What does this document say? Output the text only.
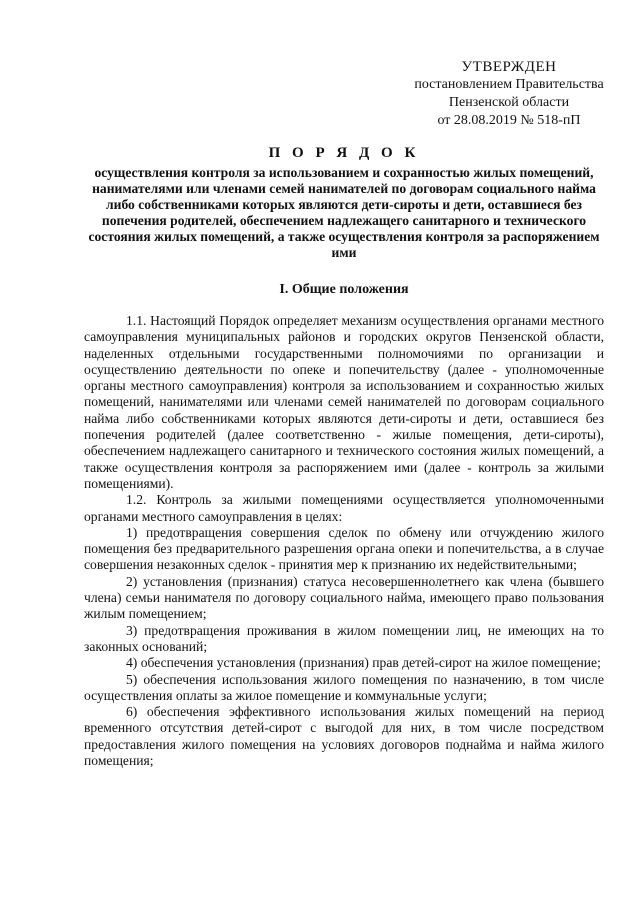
УТВЕРЖДЕН
постановлением Правительства
Пензенской области
от 28.08.2019 № 518-пП
П О Р Я Д О К
осуществления контроля за использованием и сохранностью жилых помещений, нанимателями или членами семей нанимателей по договорам социального найма либо собственниками которых являются дети-сироты и дети, оставшиеся без попечения родителей, обеспечением надлежащего санитарного и технического состояния жилых помещений, а также осуществления контроля за распоряжением ими
I. Общие положения

1.1. Настоящий Порядок определяет механизм осуществления органами местного самоуправления муниципальных районов и городских округов Пензенской области, наделенных отдельными государственными полномочиями по организации и осуществлению деятельности по опеке и попечительству (далее - уполномоченные органы местного самоуправления) контроля за использованием и сохранностью жилых помещений, нанимателями или членами семей нанимателей по договорам социального найма либо собственниками которых являются дети-сироты и дети, оставшиеся без попечения родителей (далее соответственно - жилые помещения, дети-сироты), обеспечением надлежащего санитарного и технического состояния жилых помещений, а также осуществления контроля за распоряжением ими (далее - контроль за жилыми помещениями).

1.2. Контроль за жилыми помещениями осуществляется уполномоченными органами местного самоуправления в целях:

1) предотвращения совершения сделок по обмену или отчуждению жилого помещения без предварительного разрешения органа опеки и попечительства, а в случае совершения незаконных сделок - принятия мер к признанию их недействительными;

2) установления (признания) статуса несовершеннолетнего как члена (бывшего члена) семьи нанимателя по договору социального найма, имеющего право пользования жилым помещением;

3) предотвращения проживания в жилом помещении лиц, не имеющих на то законных оснований;

4) обеспечения установления (признания) прав детей-сирот на жилое помещение;

5) обеспечения использования жилого помещения по назначению, в том числе осуществления оплаты за жилое помещение и коммунальные услуги;

6) обеспечения эффективного использования жилых помещений на период временного отсутствия детей-сирот с выгодой для них, в том числе посредством предоставления жилого помещения на условиях договоров поднайма и найма жилого помещения;
